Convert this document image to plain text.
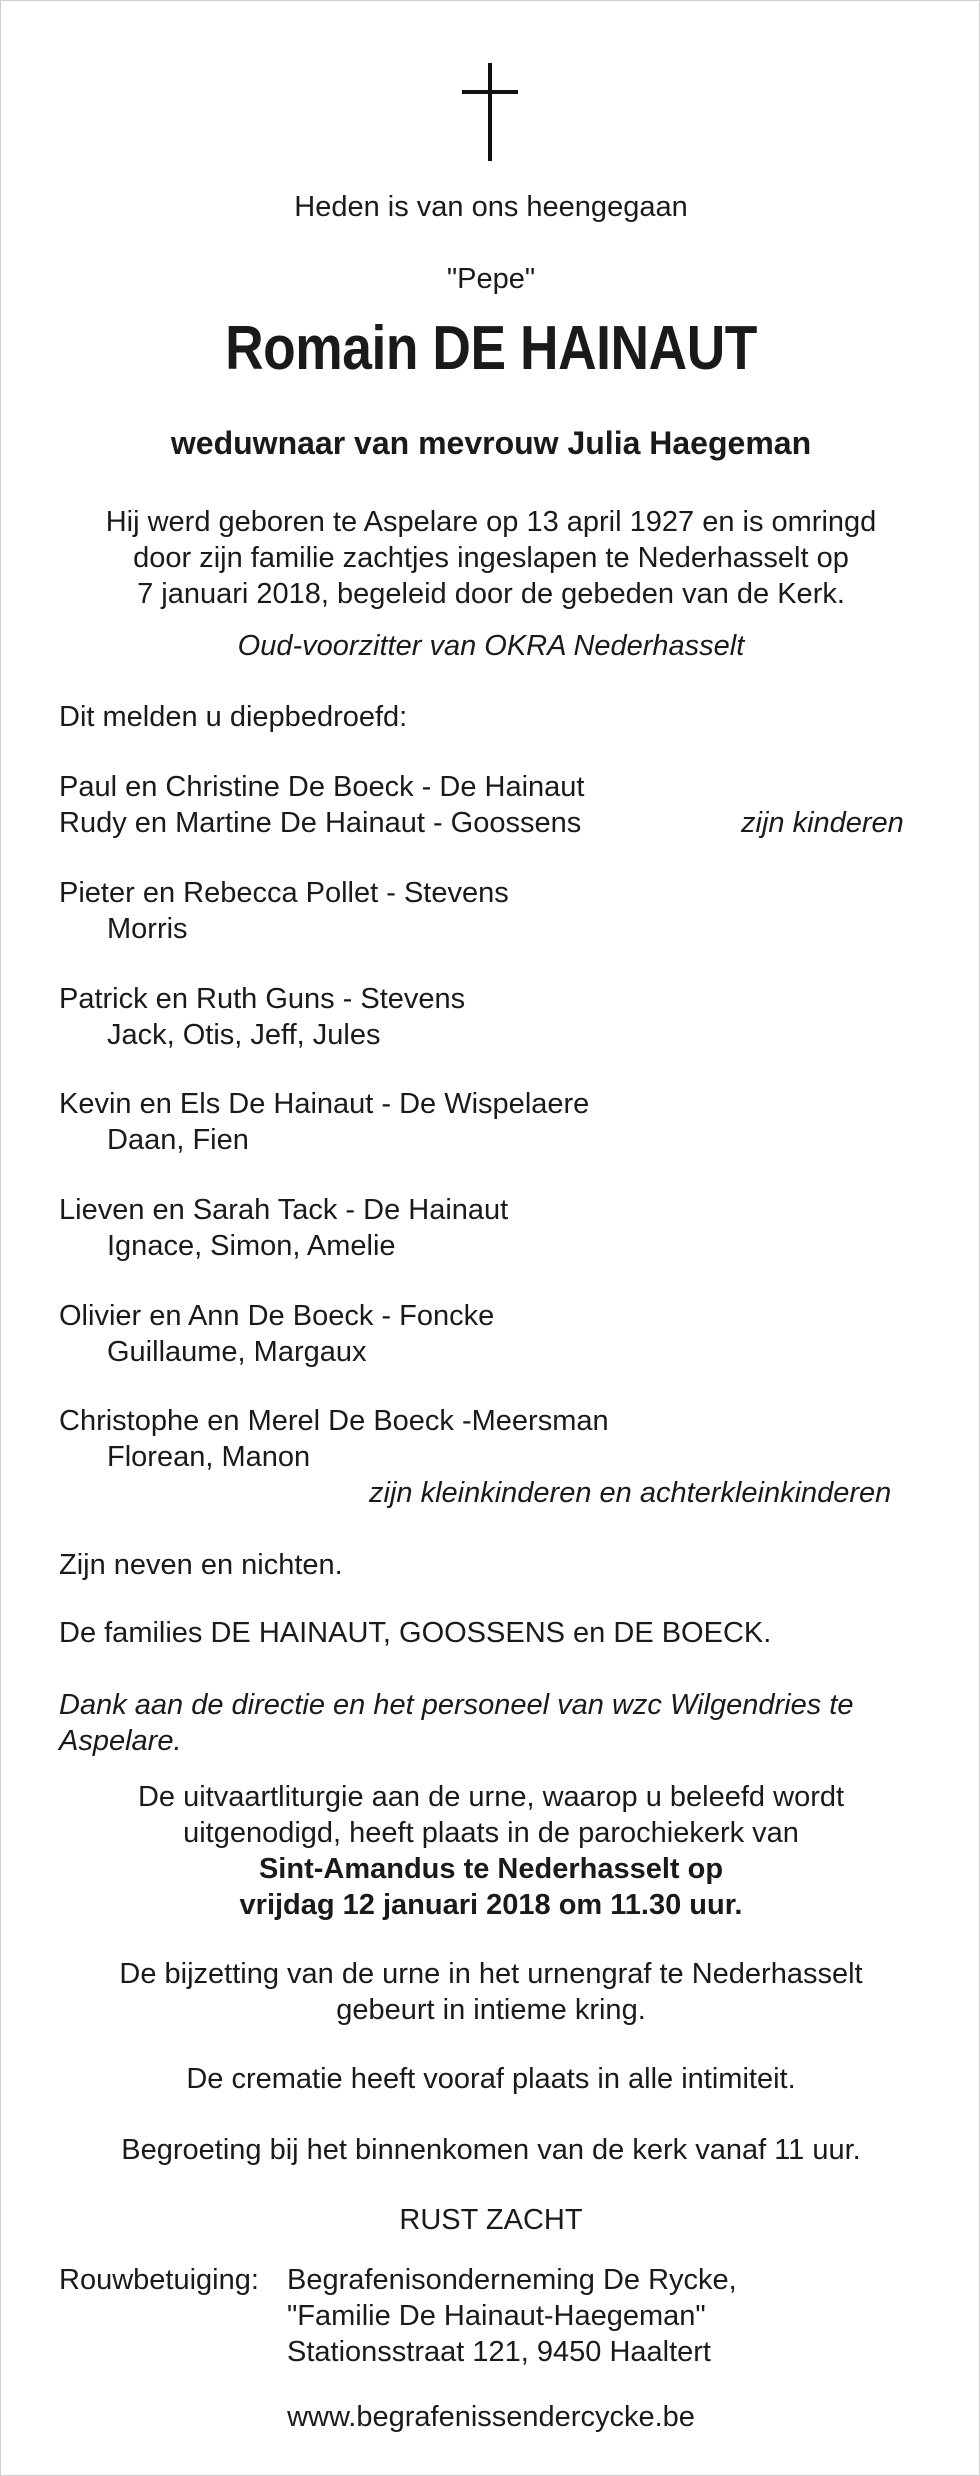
Heden is van ons heengegaan
"Pepe"
Romain DE HAINAUT
weduwnaar van mevrouw Julia Haegeman
Hij werd geboren te Aspelare op 13 april 1927 en is omringd
door zijn familie zachtjes ingeslapen te Nederhasselt op
7 januari 2018, begeleid door de gebeden van de Kerk.
Oud-voorzitter van OKRA Nederhasselt
Dit melden u diepbedroefd:
Paul en Christine De Boeck - De Hainaut
Rudy en Martine De Hainaut - Goossens	zijn kinderen
Pieter en Rebecca Pollet - Stevens
Morris
Patrick en Ruth Guns - Stevens
Jack, Otis, Jeff, Jules
Kevin en Els De Hainaut - De Wispelaere
Daan, Fien
Lieven en Sarah Tack - De Hainaut
Ignace, Simon, Amelie
Olivier en Ann De Boeck - Foncke
Guillaume, Margaux
Christophe en Merel De Boeck -Meersman
Florean, Manon
zijn kleinkinderen en achterkleinkinderen
Zijn neven en nichten.
De families DE HAINAUT, GOOSSENS en DE BOECK.
Dank aan de directie en het personeel van wzc Wilgendries te
Aspelare.
De uitvaartliturgie aan de urne, waarop u beleefd wordt
uitgenodigd, heeft plaats in de parochiekerk van
Sint-Amandus te Nederhasselt op
vrijdag 12 januari 2018 om 11.30 uur.
De bijzetting van de urne in het urnengraf te Nederhasselt
gebeurt in intieme kring.
De crematie heeft vooraf plaats in alle intimiteit.
Begroeting bij het binnenkomen van de kerk vanaf 11 uur.
RUST ZACHT
Rouwbetuiging: Begrafenisonderneming De Rycke,
"Familie De Hainaut-Haegeman"
Stationsstraat 121, 9450 Haaltert
www.begrafenissendercycke.be
